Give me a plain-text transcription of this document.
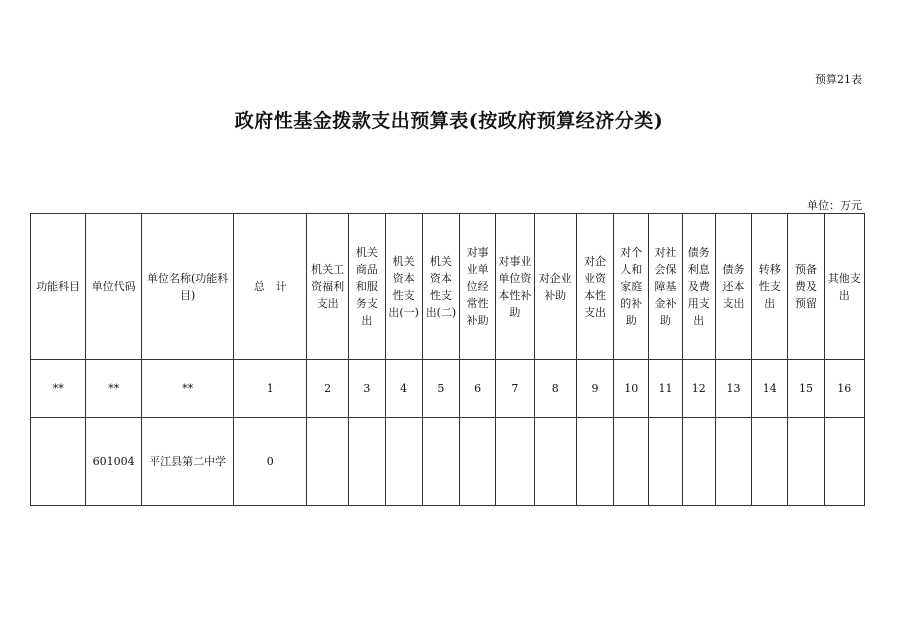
预算21表
政府性基金拨款支出预算表(按政府预算经济分类)
单位：万元
功能科目	单位代码	单位名称(功能科目)	总　计	机关工资福利支出	机关商品和服务支出	机关资本性支出(一)	机关资本性支出(二)	对事业单位经常性补助	对事业单位资本性补助	对企业补助	对企业资本性支出	对个人和家庭的补助	对社会保障基金补助	债务利息及费用支出	债务还本支出	转移性支出	预备费及预留	其他支出
**	**	**	1	2	3	4	5	6	7	8	9	10	11	12	13	14	15	16
	601004	平江县第二中学	0															
